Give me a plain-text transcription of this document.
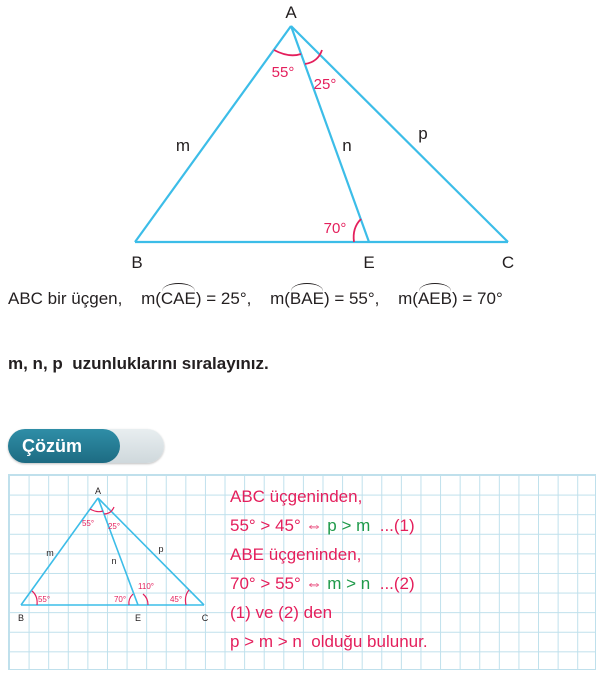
A
B	C
E
m	n
p
55°
25°
70°
ABC bir üçgen, m(CAE) = 25°, m(BAE) = 55°, m(AEB) = 70°
m, n, p uzunluklarını sıralayınız.
Çözüm
A
B	C
E
m
n
p
55° 25°
55°	70°
110°
45°
ABC üçgeninden,
55° > 45° ⇔ p > m ...(1)
ABE üçgeninden,
70° > 55° ⇔ m > n ...(2)
(1) ve (2) den
p > m > n olduğu bulunur.
